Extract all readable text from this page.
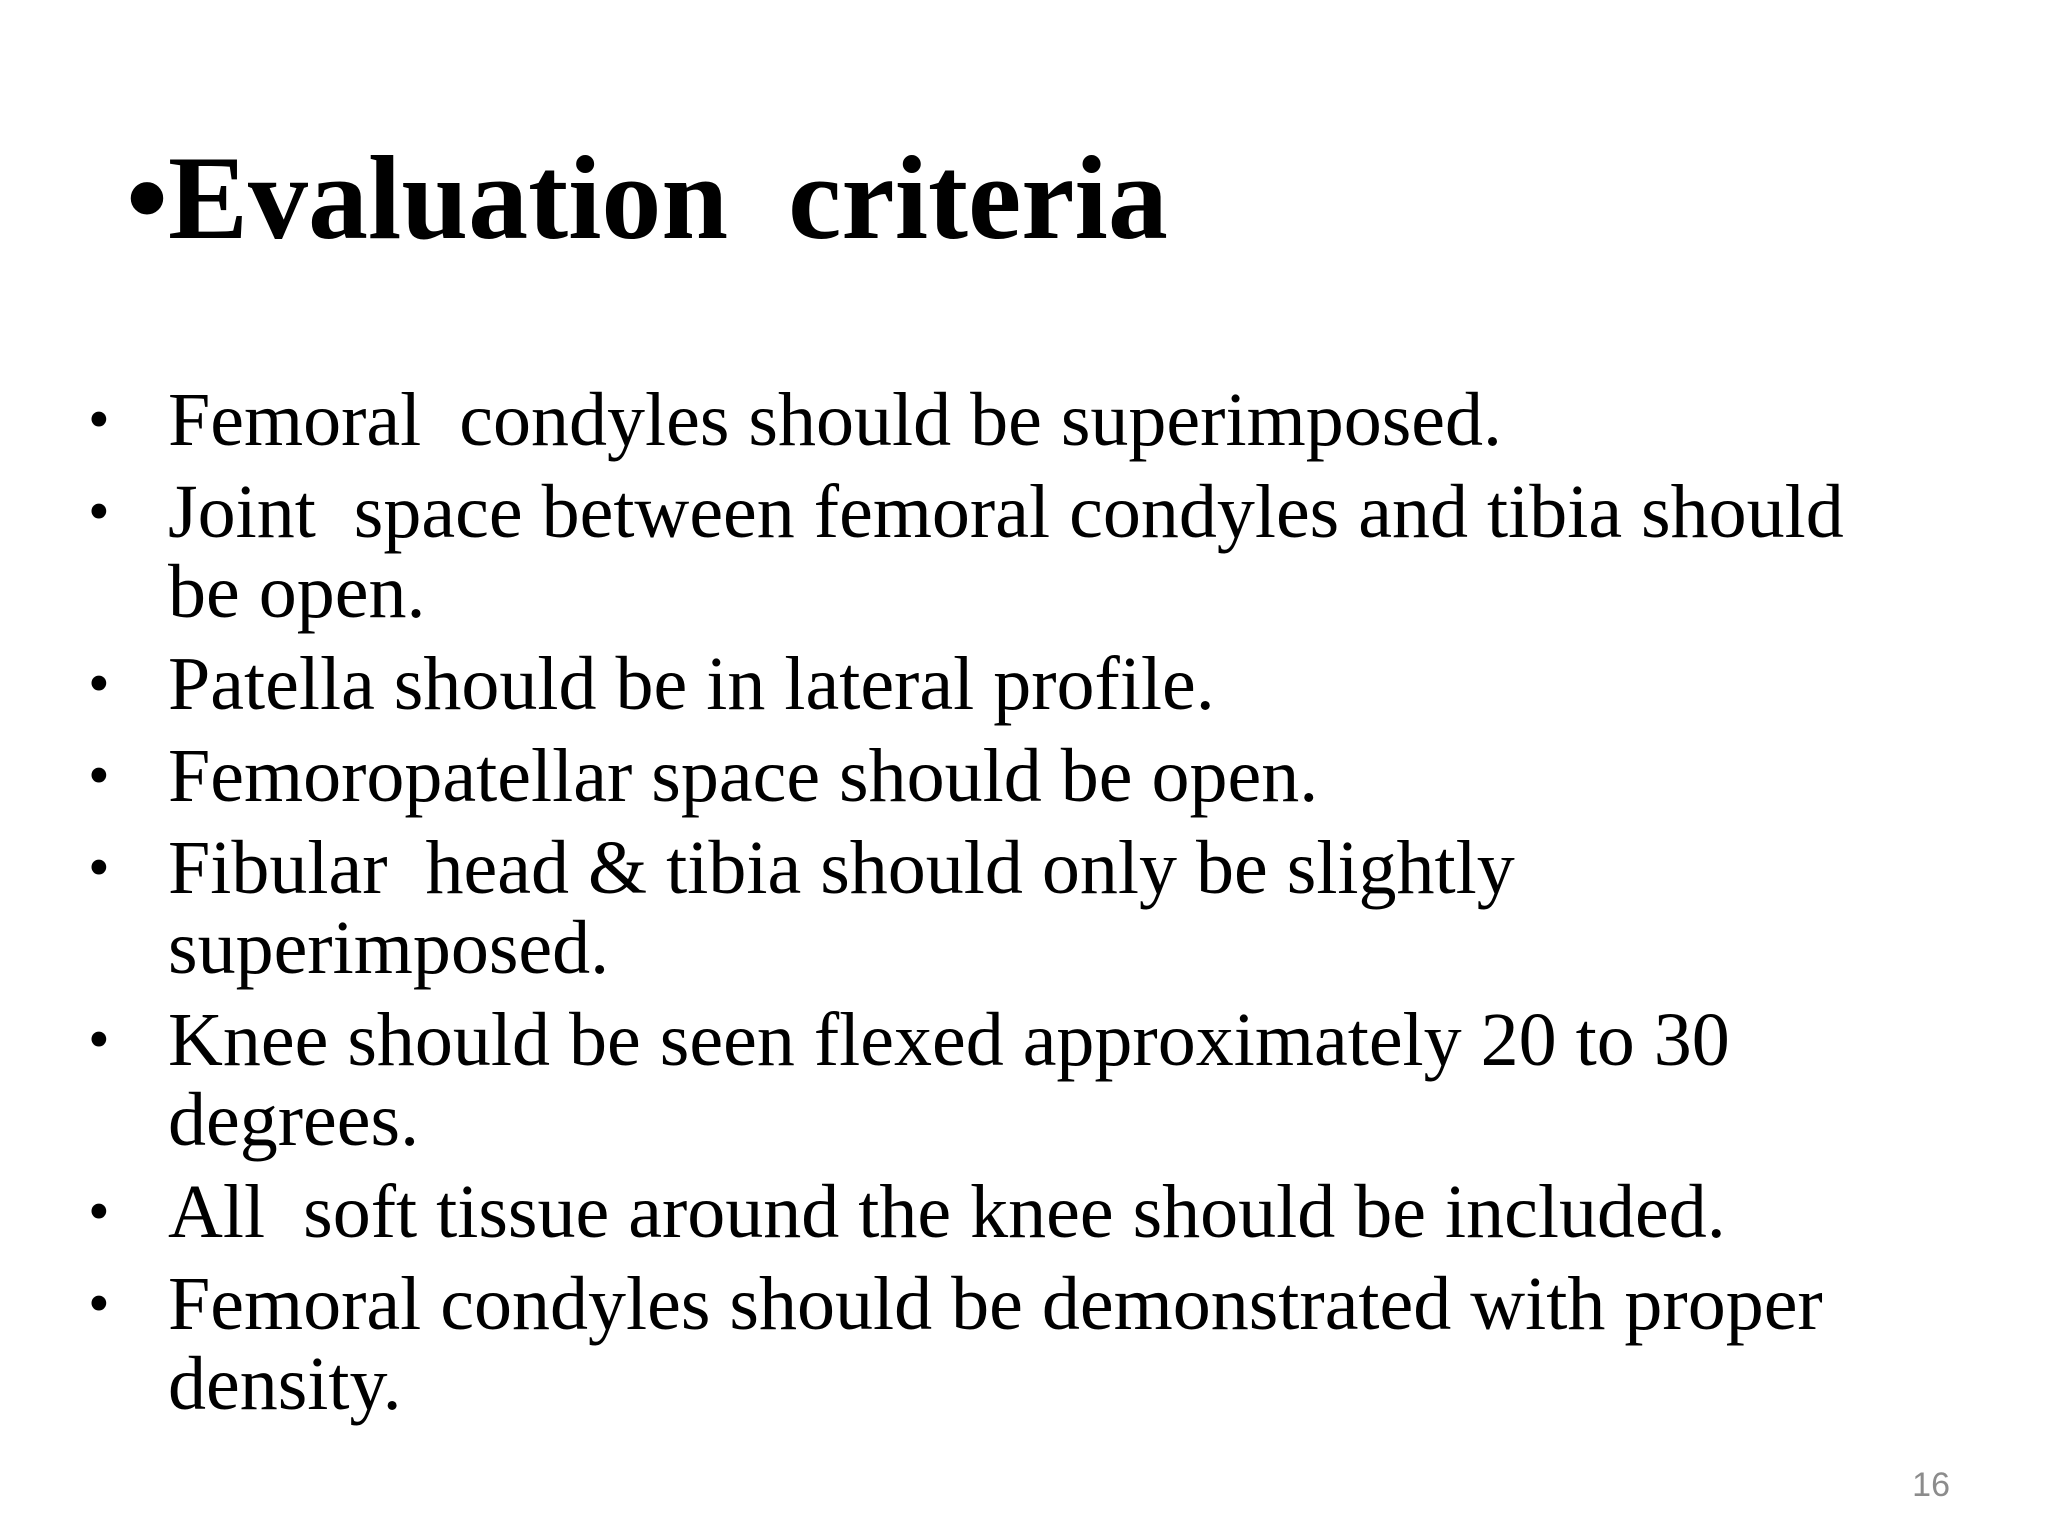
•Evaluation  criteria
• Femoral  condyles should be superimposed.
• Joint  space between femoral condyles and tibia should
be open.
• Patella should be in lateral profile.
• Femoropatellar space should be open.
• Fibular  head & tibia should only be slightly
superimposed.
• Knee should be seen flexed approximately 20 to 30
degrees.
• All  soft tissue around the knee should be included.
• Femoral condyles should be demonstrated with proper
density.
16
